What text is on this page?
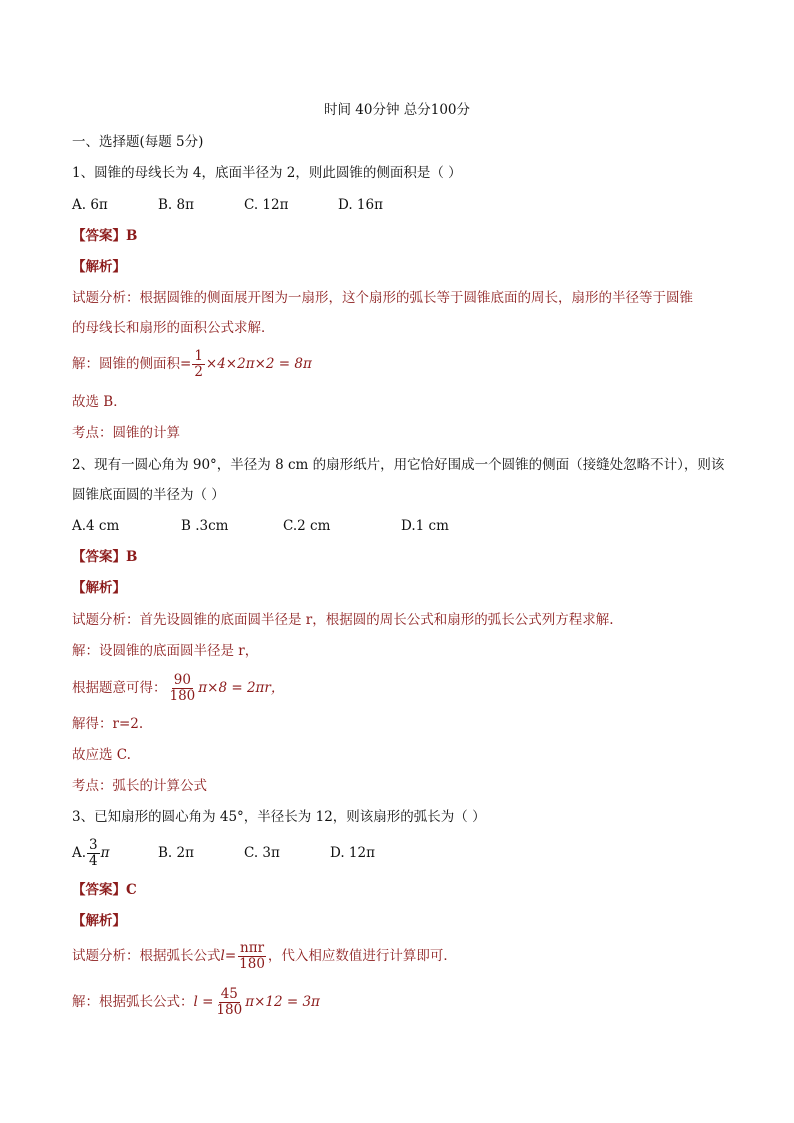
时间 40分钟 总分100分
一、选择题(每题 5分)
1、圆锥的母线长为 4，底面半径为 2，则此圆锥的侧面积是（ ）
A. 6π	B. 8π	C. 12π	D. 16π
【答案】B
【解析】
试题分析：根据圆锥的侧面展开图为一扇形，这个扇形的弧长等于圆锥底面的周长，扇形的半径等于圆锥
的母线长和扇形的面积公式求解．
解：圆锥的侧面积= $\frac{1}{2} \times 4\times 2\pi\times 2 = 8\pi$
故选 B．
考点：圆锥的计算
2、现有一圆心角为 90°，半径为 8 cm 的扇形纸片，用它恰好围成一个圆锥的侧面（接缝处忽略不计），则该
圆锥底面圆的半径为（ ）
A.4 cm	B .3cm	C.2 cm	D.1 cm
【答案】B
【解析】
试题分析：首先设圆锥的底面圆半径是 r，根据圆的周长公式和扇形的弧长公式列方程求解.
解：设圆锥的底面圆半径是 r，
根据题意可得： $\frac{90}{180} \pi\times 8 = 2\pi r$，
解得：r=2.
故应选 C.
考点：弧长的计算公式
3、已知扇形的圆心角为 45°，半径长为 12，则该扇形的弧长为（ ）
A. $\frac{3}{4}$ π	B. 2π	C. 3π	D. 12π
【答案】C
【解析】
试题分析：根据弧长公式$l= \frac{\text{nπr}}{180}$ ，代入相应数值进行计算即可．
解：根据弧长公式：$l = \frac{45}{180} \pi\times 12 = 3\pi$
